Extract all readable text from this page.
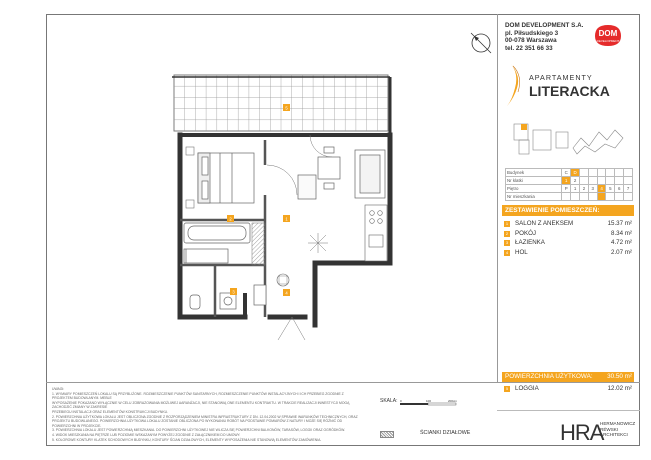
DOM DEVELOPMENT S.A.
pl. Piłsudskiego 3
00-078 Warszawa
tel. 22 351 66 33
DOM
DEVELOPMENT
APARTAMENTY
LITERACKA
Budynek	C	D						
Nr klatki	1	2						
Piętro	P	1	2	3	4	5	6	7
Nr mieszkania								
ZESTAWIENIE POMIESZCZEŃ:
1	SALON Z ANEKSEM	15.37 m²
2	POKÓJ	8.34 m²
3	ŁAZIENKA	4.72 m²
4	HOL	2.07 m²
POWIERZCHNIA UŻYTKOWA: 30.50 m²
5	LOGGIA	12.02 m²
HRA
HERMANOWICZ
RÉWSKI
ARCHITEKCI
UWAGI:
1. WYMIARY POMIESZCZEŃ LOKALU SĄ PRZYBLIŻONE. ROZMIESZCZENIE PUNKTÓW SANITARNYCH, ROZMIESZCZENIE PUNKTÓW INSTALACYJNYCH I ICH PRZEBIEG ZGODNIE Z PROJEKTEM BUDOWLANYM. MEBLE
WYPOSAŻENIE POKAZANO WYŁĄCZNIE W CELU ZOBRAZOWANIA MOŻLIWEJ AARANŻACJI, NIE STANOWIĄ ONE ELEMENTU KONTRAKTU. W TRAKCIE REALIZACJI INWESTYCJI MOGĄ ZACHODZIĆ ZMIANY W ZAKRESIE
PRZEBIEGU INSTALACJI ORAZ ELEMENTÓW KONSTRUKCJI BUDYNKU.
2. POWIERZCHNIA UŻYTKOWA LOKALU JEST OBLICZONA ZGODNIE Z ROZPORZĄDZENIEM MINISTRA INFRASTRUKTURY Z DN. 12.04.2002 W SPRAWIE WARUNKÓW TECHNICZNYCH, ORAZ
PROJEKTU BUDOWLANEGO. POWIERZCHNIA UŻYTKOWA LOKALU ZOSTANIE OBLICZONA PO WYKONANIU ROBÓT NA PODSTAWIE POMIARÓW Z NATURY I MOŻE SIĘ RÓŻNIĆ OD POWIERZCHNI W PROJEKCIE.
3. POWIERZCHNIA LOKALU JEST POWIERZCHNIĄ MIESZKANIA. DO POWIERZCHNI UŻYTKOWEJ NIE WLICZA SIĘ POWIERZCHNI BALKONÓW, TARASÓW, LOGGII ORAZ OGRÓDKÓW.
4. WIDOK MIESZKANIA NA PIĘTRZE LUB POZIOMIE WSKAZANYM POWYŻEJ ZGODNIE Z ZAŁĄCZNIKIEM DO UMOWY.
5. KOLOROWE KONTURY KLATEK SCHODOWYCH BUDYNKU, KONTURY ŚCIAN DZIAŁOWYCH, ELEMENTY WYPOSAŻENIA NIE STANOWIĄ ELEMENTÓW ZAMÓWIENIA.
SKALA: 0	100	200cm
ŚCIANKI DZIAŁOWE
5
2	1
3	4
